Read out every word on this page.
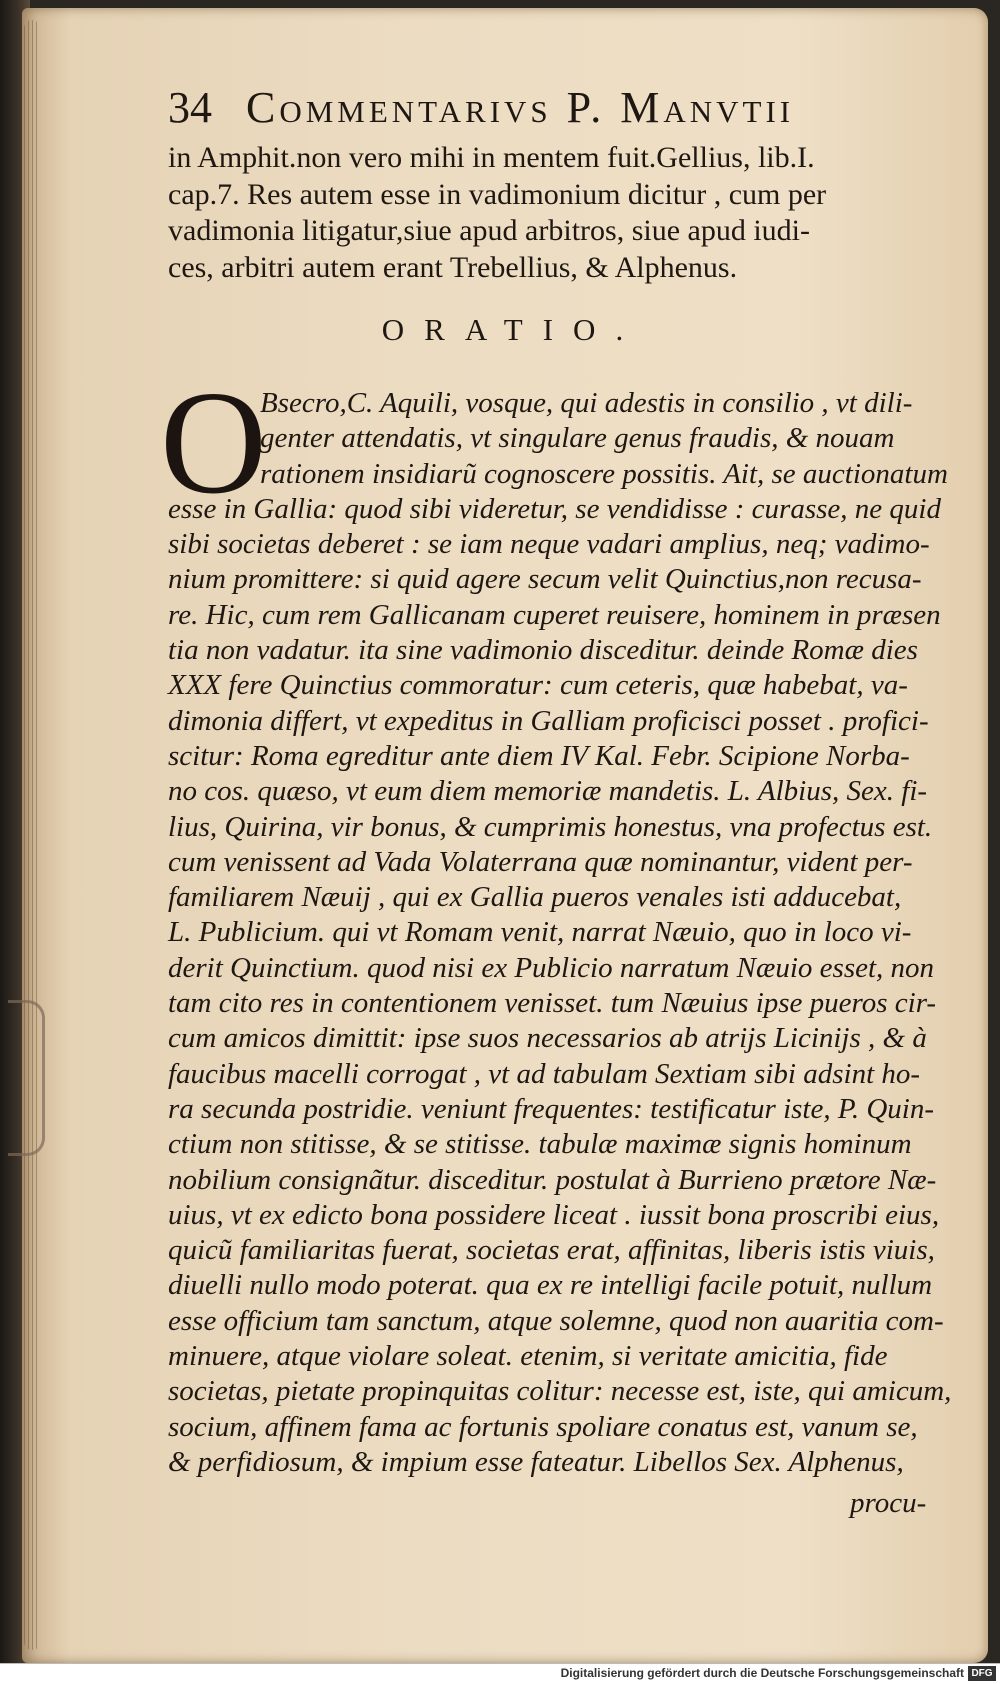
34 Commentarivs P. Manvtii
in Amphit.non vero mihi in mentem fuit.Gellius, lib.I.
cap.7. Res autem esse in vadimonium dicitur , cum per
vadimonia litigatur,siue apud arbitros, siue apud iudi-
ces, arbitri autem erant Trebellius, & Alphenus.
ORATIO.
O
Bsecro,C. Aquili, vosque, qui adestis in consilio , vt dili-
genter attendatis, vt singulare genus fraudis, & nouam
rationem insidiarũ cognoscere possitis. Ait, se auctionatum
esse in Gallia: quod sibi videretur, se vendidisse : curasse, ne quid
sibi societas deberet : se iam neque vadari amplius, neq; vadimo-
nium promittere: si quid agere secum velit Quinctius,non recusa-
re. Hic, cum rem Gallicanam cuperet reuisere, hominem in præsen
tia non vadatur. ita sine vadimonio disceditur. deinde Romæ dies
XXX fere Quinctius commoratur: cum ceteris, quæ habebat, va-
dimonia differt, vt expeditus in Galliam proficisci posset . profici-
scitur: Roma egreditur ante diem IV Kal. Febr. Scipione Norba-
no cos. quæso, vt eum diem memoriæ mandetis. L. Albius, Sex. fi-
lius, Quirina, vir bonus, & cumprimis honestus, vna profectus est.
cum venissent ad Vada Volaterrana quæ nominantur, vident per-
familiarem Næuij , qui ex Gallia pueros venales isti adducebat,
L. Publicium. qui vt Romam venit, narrat Næuio, quo in loco vi-
derit Quinctium. quod nisi ex Publicio narratum Næuio esset, non
tam cito res in contentionem venisset. tum Næuius ipse pueros cir-
cum amicos dimittit: ipse suos necessarios ab atrijs Licinijs , & à
faucibus macelli corrogat , vt ad tabulam Sextiam sibi adsint ho-
ra secunda postridie. veniunt frequentes: testificatur iste, P. Quin-
ctium non stitisse, & se stitisse. tabulæ maximæ signis hominum
nobilium consignãtur. disceditur. postulat à Burrieno prætore Næ-
uius, vt ex edicto bona possidere liceat . iussit bona proscribi eius,
quicũ familiaritas fuerat, societas erat, affinitas, liberis istis viuis,
diuelli nullo modo poterat. qua ex re intelligi facile potuit, nullum
esse officium tam sanctum, atque solemne, quod non auaritia com-
minuere, atque violare soleat. etenim, si veritate amicitia, fide
societas, pietate propinquitas colitur: necesse est, iste, qui amicum,
socium, affinem fama ac fortunis spoliare conatus est, vanum se,
& perfidiosum, & impium esse fateatur. Libellos Sex. Alphenus,
procu-
Digitalisierung gefördert durch die Deutsche Forschungsgemeinschaft DFG
